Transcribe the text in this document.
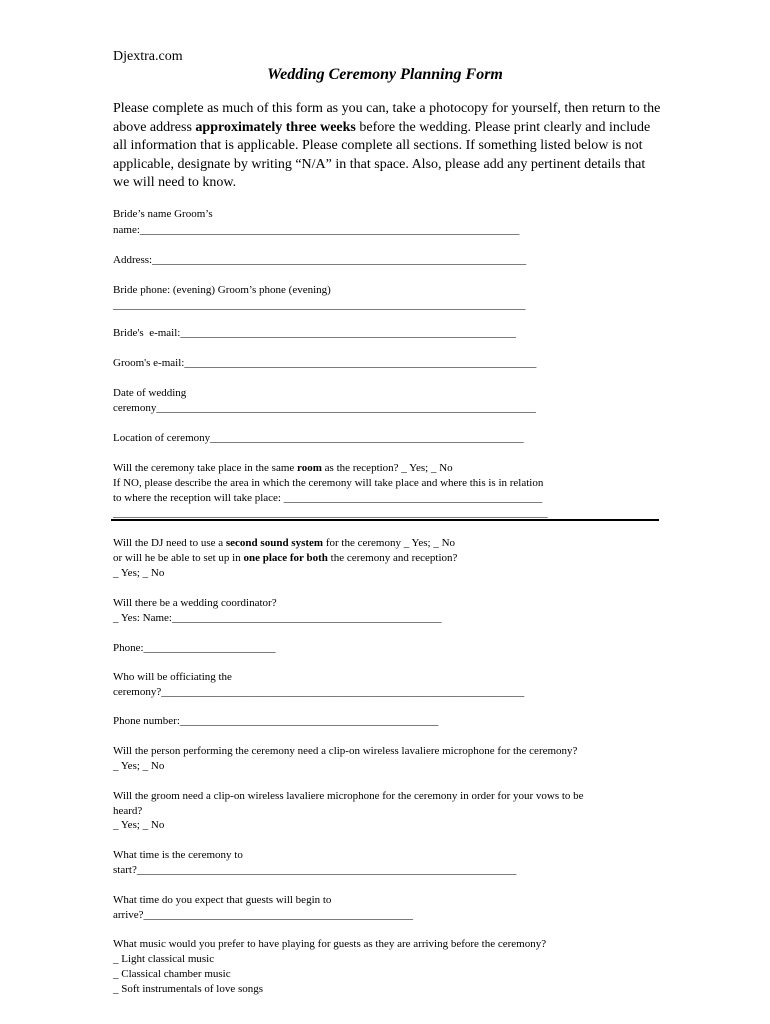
Djextra.com
Wedding Ceremony Planning Form
Please complete as much of this form as you can, take a photocopy for yourself, then return to the above address approximately three weeks before the wedding. Please print clearly and include all information that is applicable. Please complete all sections. If something listed below is not applicable, designate by writing “N/A” in that space. Also, please add any pertinent details that we will need to know.
Bride’s name Groom’s
name:_____________________________________________________________________
Address:____________________________________________________________________
Bride phone: (evening) Groom’s phone (evening)
___________________________________________________________________________
Bride's  e-mail:_____________________________________________________________
Groom's e-mail:________________________________________________________________
Date of wedding
ceremony_____________________________________________________________________
Location of ceremony_________________________________________________________
Will the ceremony take place in the same room as the reception? _ Yes; _ No
If NO, please describe the area in which the ceremony will take place and where this is in relation
to where the reception will take place: _______________________________________________
_______________________________________________________________________________
Will the DJ need to use a second sound system for the ceremony _ Yes; _ No
or will he be able to set up in one place for both the ceremony and reception?
_ Yes; _ No
Will there be a wedding coordinator?
_ Yes: Name:_________________________________________________
Phone:________________________
Who will be officiating the
ceremony?__________________________________________________________________
Phone number:_______________________________________________
Will the person performing the ceremony need a clip-on wireless lavaliere microphone for the ceremony?
_ Yes; _ No
Will the groom need a clip-on wireless lavaliere microphone for the ceremony in order for your vows to be
heard?
_ Yes; _ No
What time is the ceremony to
start?_____________________________________________________________________
What time do you expect that guests will begin to
arrive?_________________________________________________
What music would you prefer to have playing for guests as they are arriving before the ceremony?
_ Light classical music
_ Classical chamber music
_ Soft instrumentals of love songs
